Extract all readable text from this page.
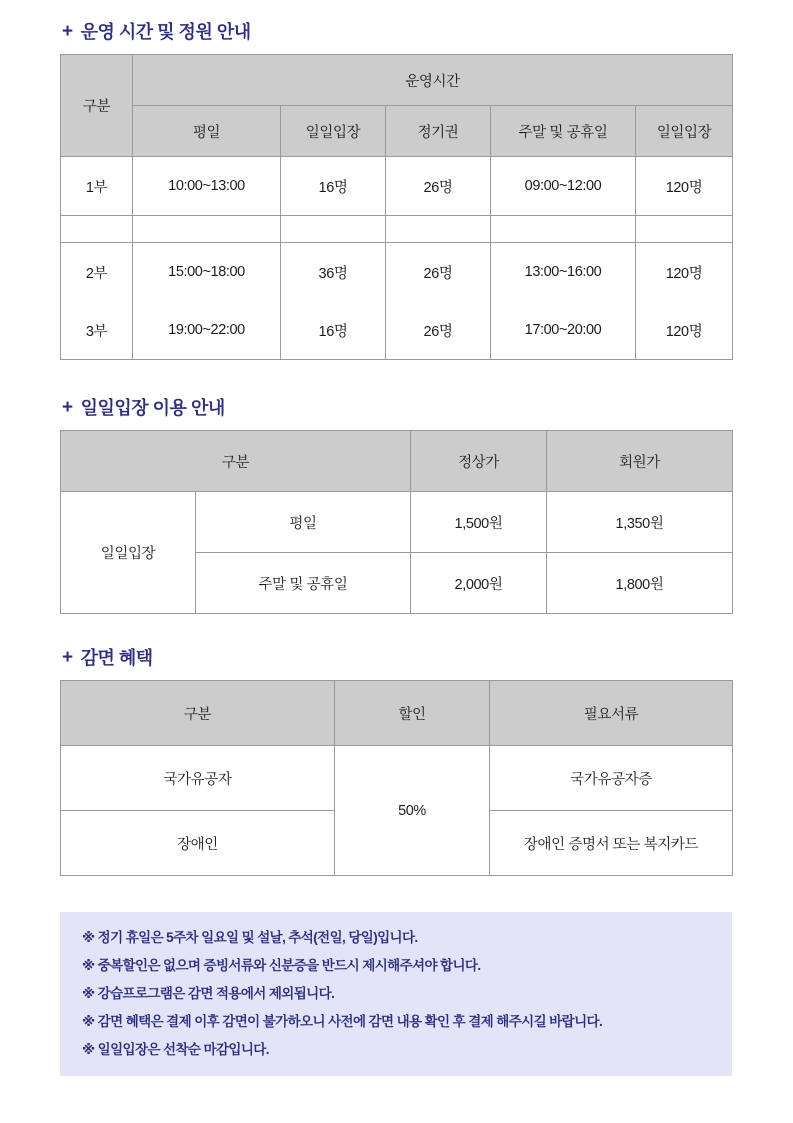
+ 운영 시간 및 정원 안내
구분	운영시간				
	평일	일일입장	정기권	주말 및 공휴일	일일입장
1부	10:00~13:00	16명	26명	09:00~12:00	120명

2부	15:00~18:00	36명	26명	13:00~16:00	120명
3부	19:00~22:00	16명	26명	17:00~20:00	120명
+ 일일입장 이용 안내
구분		정상가	회원가
일일입장	평일	1,500원	1,350원
	주말 및 공휴일	2,000원	1,800원
+ 감면 혜택
구분	할인	필요서류
국가유공자	50%	국가유공자증
장애인		장애인 증명서 또는 복지카드
※ 정기 휴일은 5주차 일요일 및 설날, 추석(전일, 당일)입니다.
※ 중복할인은 없으며 증빙서류와 신분증을 반드시 제시해주셔야 합니다.
※ 강습프로그램은 감면 적용에서 제외됩니다.
※ 감면 혜택은 결제 이후 감면이 불가하오니 사전에 감면 내용 확인 후 결제 해주시길 바랍니다.
※ 일일입장은 선착순 마감입니다.
